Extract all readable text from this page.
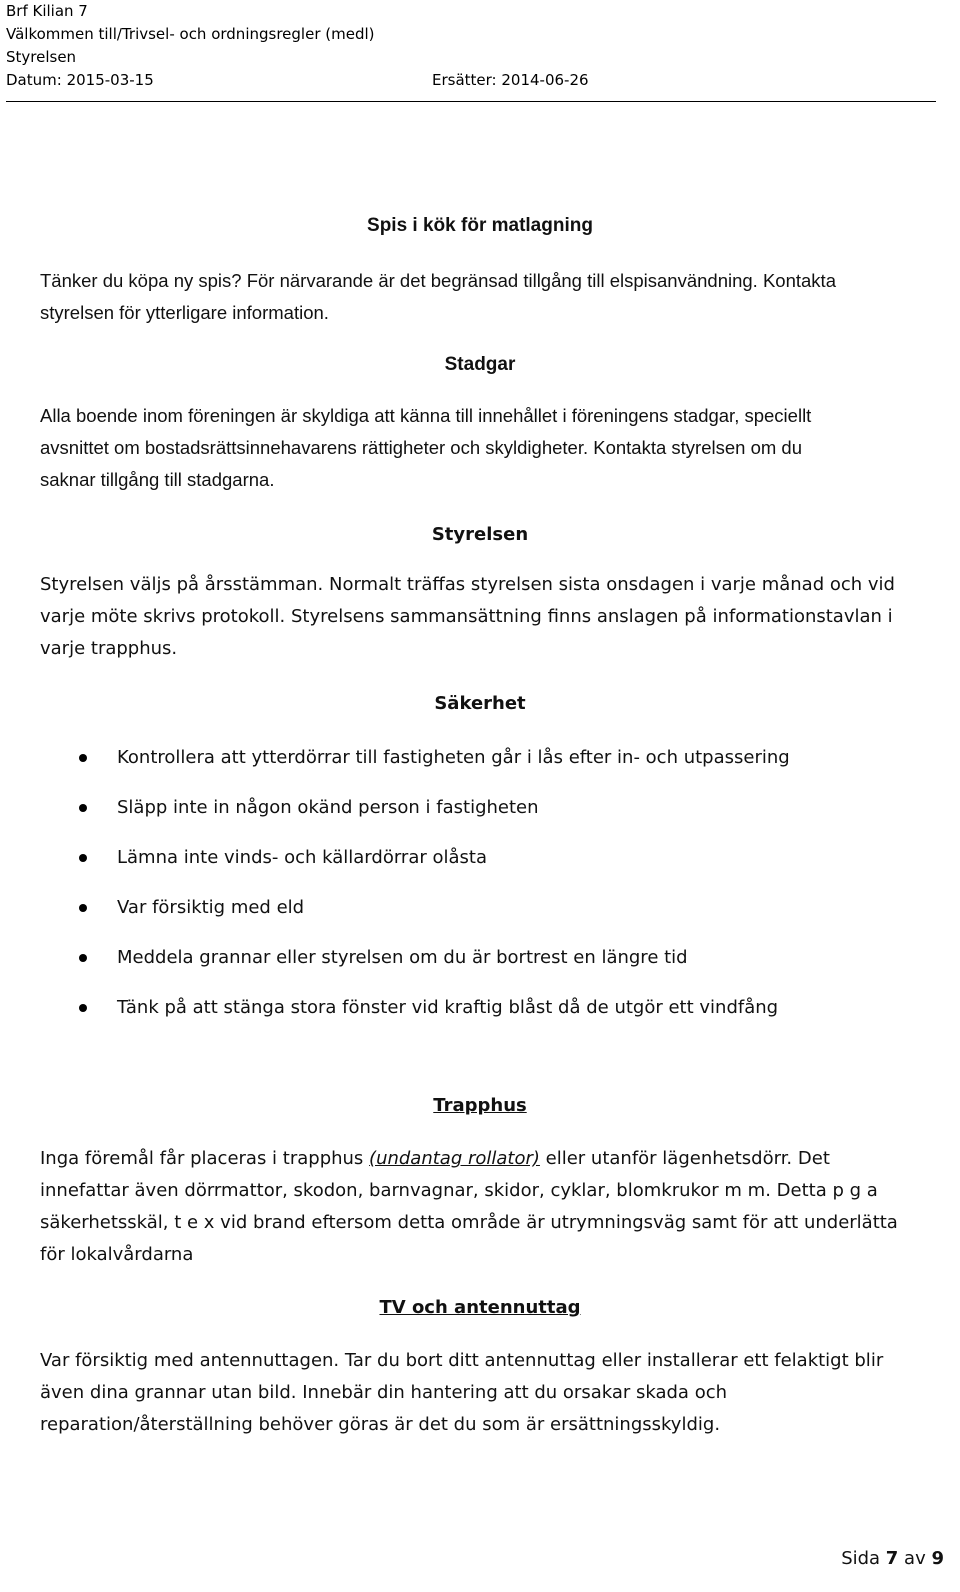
Brf Kilian 7
Välkommen till/Trivsel- och ordningsregler (medl)
Styrelsen
Datum: 2015-03-15	Ersätter: 2014-06-26
Spis i kök för matlagning

Tänker du köpa ny spis? För närvarande är det begränsad tillgång till elspisanvändning. Kontakta
styrelsen för ytterligare information.

Stadgar

Alla boende inom föreningen är skyldiga att känna till innehållet i föreningens stadgar, speciellt
avsnittet om bostadsrättsinnehavarens rättigheter och skyldigheter. Kontakta styrelsen om du
saknar tillgång till stadgarna.

Styrelsen

Styrelsen väljs på årsstämman. Normalt träffas styrelsen sista onsdagen i varje månad och vid
varje möte skrivs protokoll. Styrelsens sammansättning finns anslagen på informationstavlan i
varje trapphus.

Säkerhet
Kontrollera att ytterdörrar till fastigheten går i lås efter in- och utpassering
Släpp inte in någon okänd person i fastigheten
Lämna inte vinds- och källardörrar olåsta
Var försiktig med eld
Meddela grannar eller styrelsen om du är bortrest en längre tid
Tänk på att stänga stora fönster vid kraftig blåst då de utgör ett vindfång
Trapphus

Inga föremål får placeras i trapphus (undantag rollator) eller utanför lägenhetsdörr. Det
innefattar även dörrmattor, skodon, barnvagnar, skidor, cyklar, blomkrukor m m. Detta p g a
säkerhetsskäl, t e x vid brand eftersom detta område är utrymningsväg samt för att underlätta
för lokalvårdarna

TV och antennuttag

Var försiktig med antennuttagen. Tar du bort ditt antennuttag eller installerar ett felaktigt blir
även dina grannar utan bild. Innebär din hantering att du orsakar skada och
reparation/återställning behöver göras är det du som är ersättningsskyldig.

Sida 7 av 9
